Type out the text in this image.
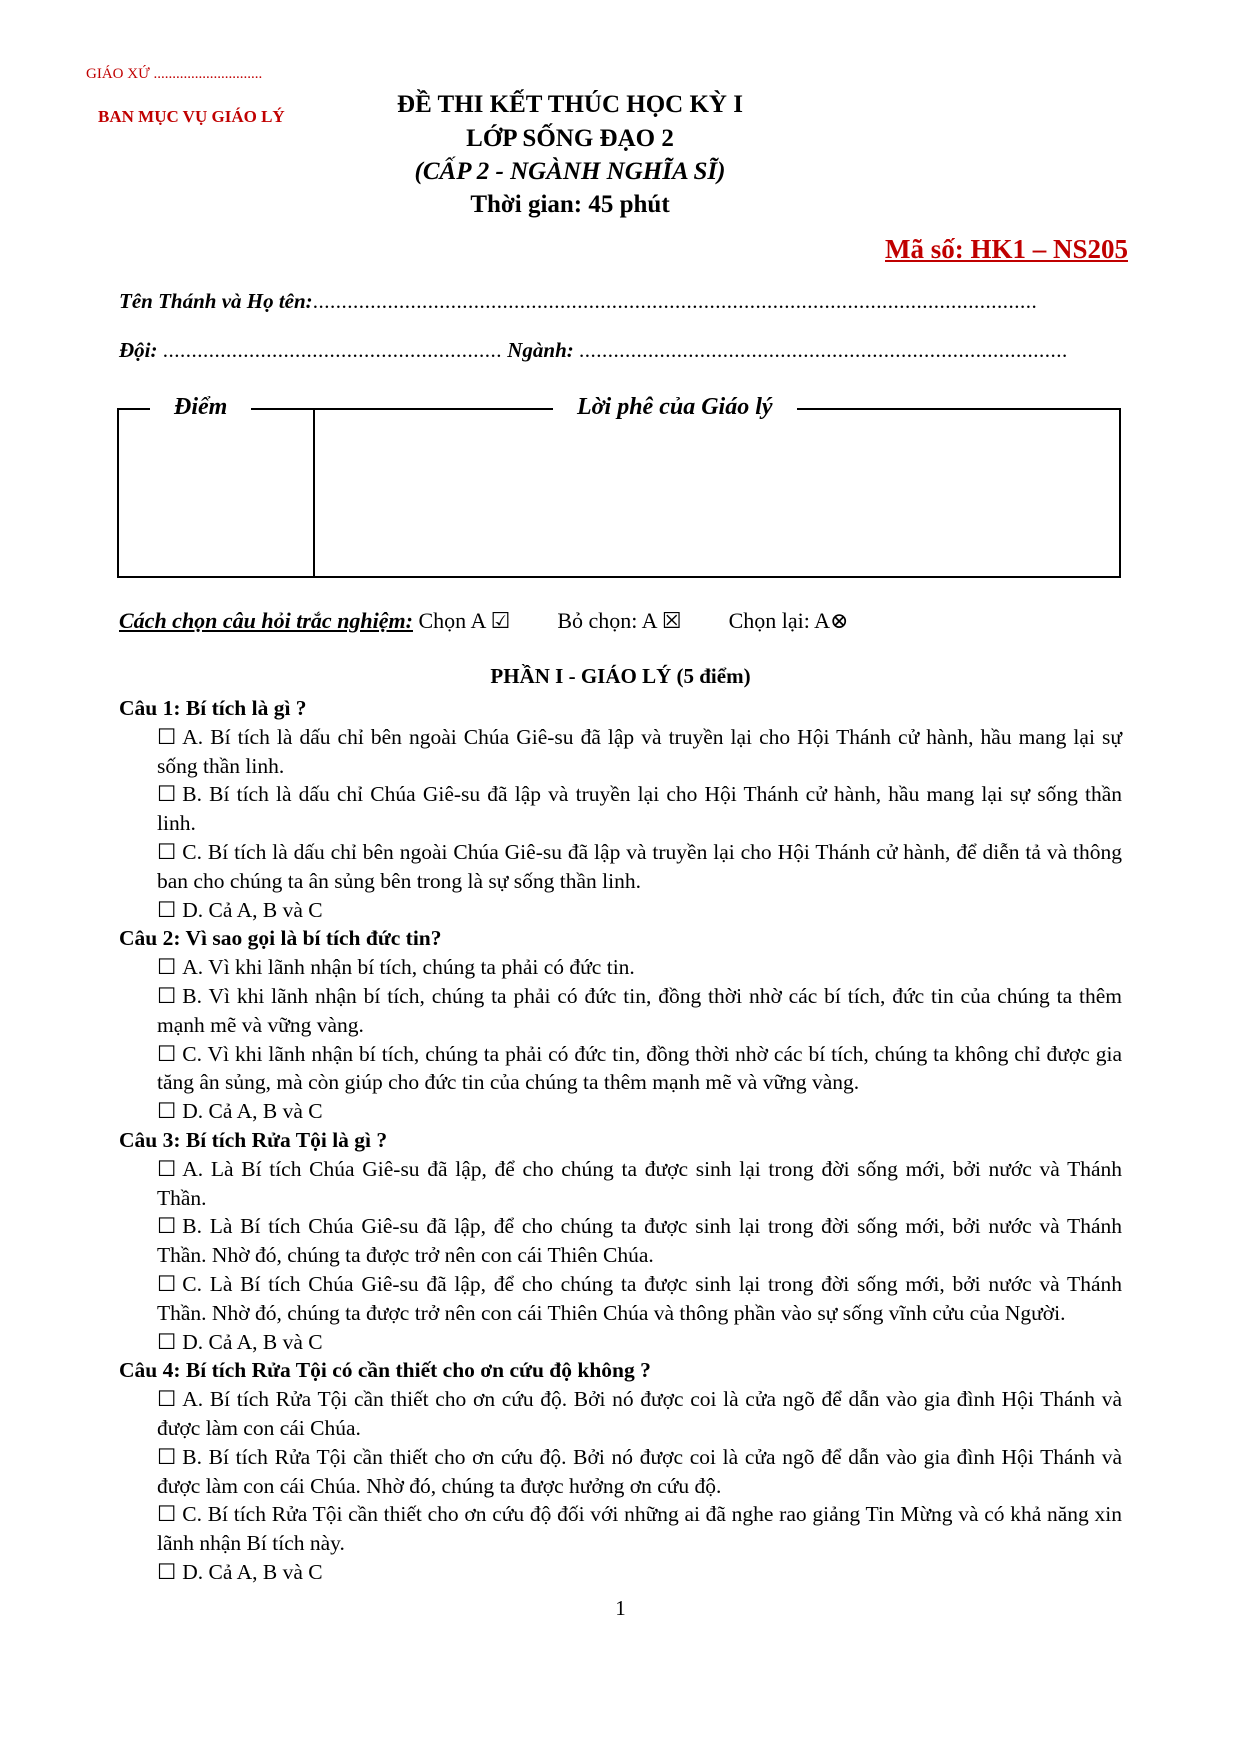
GIÁO XỨ .............................
BAN MỤC VỤ GIÁO LÝ	ĐỀ THI KẾT THÚC HỌC KỲ I
LỚP SỐNG ĐẠO 2
(CẤP 2 - NGÀNH NGHĨA SĨ)
Thời gian: 45 phút
Mã số: HK1 – NS205
Tên Thánh và Họ tên:..............................................................................................................................
Đội: ........................................................... Ngành: .....................................................................................
Điểm	Lời phê của Giáo lý
Cách chọn câu hỏi trắc nghiệm: Chọn A ☑ Bỏ chọn: A ☒ Chọn lại: A⊗
PHẦN I - GIÁO LÝ (5 điểm)

Câu 1: Bí tích là gì ?

☐ A. Bí tích là dấu chỉ bên ngoài Chúa Giê-su đã lập và truyền lại cho Hội Thánh cử hành, hầu mang lại sự sống thần linh.

☐ B. Bí tích là dấu chỉ Chúa Giê-su đã lập và truyền lại cho Hội Thánh cử hành, hầu mang lại sự sống thần linh.

☐ C. Bí tích là dấu chỉ bên ngoài Chúa Giê-su đã lập và truyền lại cho Hội Thánh cử hành, để diễn tả và thông ban cho chúng ta ân sủng bên trong là sự sống thần linh.

☐ D. Cả A, B và C

Câu 2: Vì sao gọi là bí tích đức tin?

☐ A. Vì khi lãnh nhận bí tích, chúng ta phải có đức tin.

☐ B. Vì khi lãnh nhận bí tích, chúng ta phải có đức tin, đồng thời nhờ các bí tích, đức tin của chúng ta thêm mạnh mẽ và vững vàng.

☐ C. Vì khi lãnh nhận bí tích, chúng ta phải có đức tin, đồng thời nhờ các bí tích, chúng ta không chỉ được gia tăng ân sủng, mà còn giúp cho đức tin của chúng ta thêm mạnh mẽ và vững vàng.

☐ D. Cả A, B và C

Câu 3: Bí tích Rửa Tội là gì ?

☐ A. Là Bí tích Chúa Giê-su đã lập, để cho chúng ta được sinh lại trong đời sống mới, bởi nước và Thánh Thần.

☐ B. Là Bí tích Chúa Giê-su đã lập, để cho chúng ta được sinh lại trong đời sống mới, bởi nước và Thánh Thần. Nhờ đó, chúng ta được trở nên con cái Thiên Chúa.

☐ C. Là Bí tích Chúa Giê-su đã lập, để cho chúng ta được sinh lại trong đời sống mới, bởi nước và Thánh Thần. Nhờ đó, chúng ta được trở nên con cái Thiên Chúa và thông phần vào sự sống vĩnh cửu của Người.

☐ D. Cả A, B và C

Câu 4: Bí tích Rửa Tội có cần thiết cho ơn cứu độ không ?

☐ A. Bí tích Rửa Tội cần thiết cho ơn cứu độ. Bởi nó được coi là cửa ngõ để dẫn vào gia đình Hội Thánh và được làm con cái Chúa.

☐ B. Bí tích Rửa Tội cần thiết cho ơn cứu độ. Bởi nó được coi là cửa ngõ để dẫn vào gia đình Hội Thánh và được làm con cái Chúa. Nhờ đó, chúng ta được hưởng ơn cứu độ.

☐ C. Bí tích Rửa Tội cần thiết cho ơn cứu độ đối với những ai đã nghe rao giảng Tin Mừng và có khả năng xin lãnh nhận Bí tích này.

☐ D. Cả A, B và C

1
